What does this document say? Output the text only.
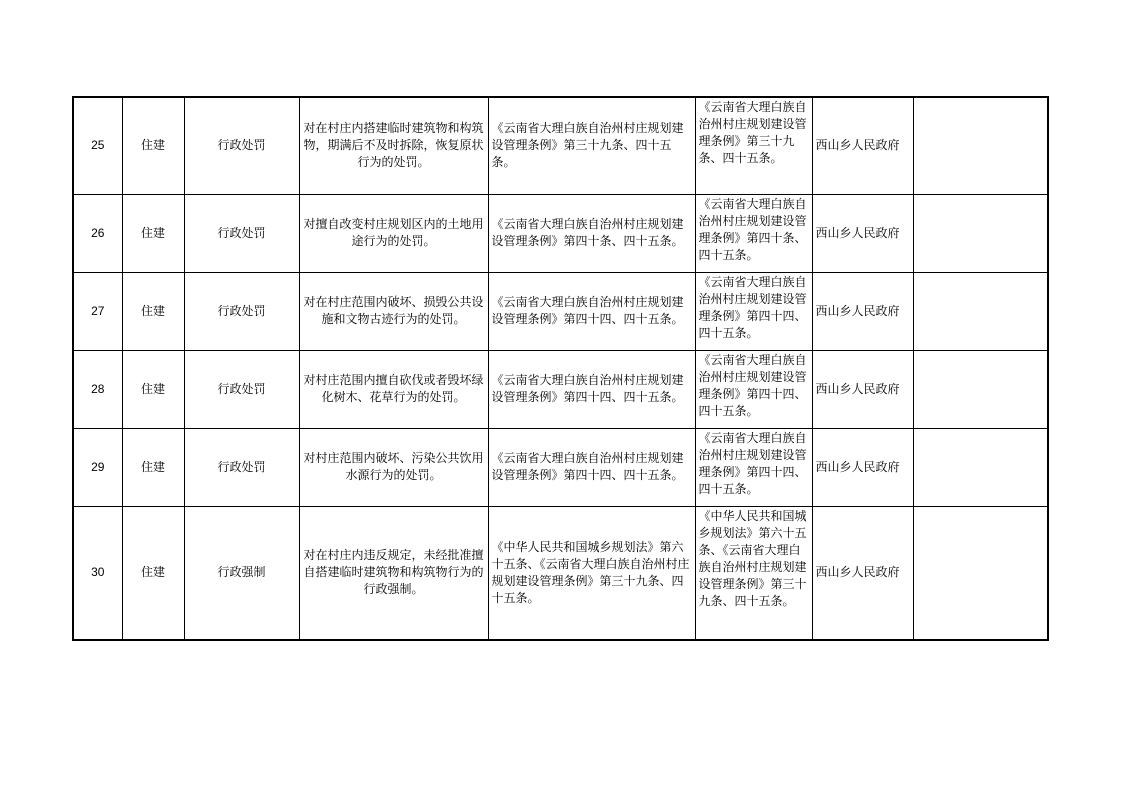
25	住建	行政处罚	对在村庄内搭建临时建筑物和构筑物，期满后不及时拆除，恢复原状行为的处罚。	《云南省大理白族自治州村庄规划建设管理条例》第三十九条、四十五条。	《云南省大理白族自治州村庄规划建设管理条例》第三十九条、四十五条。	西山乡人民政府	
26	住建	行政处罚	对擅自改变村庄规划区内的土地用途行为的处罚。	《云南省大理白族自治州村庄规划建设管理条例》第四十条、四十五条。	《云南省大理白族自治州村庄规划建设管理条例》第四十条、四十五条。	西山乡人民政府	
27	住建	行政处罚	对在村庄范围内破坏、损毁公共设施和文物古迹行为的处罚。	《云南省大理白族自治州村庄规划建设管理条例》第四十四、四十五条。	《云南省大理白族自治州村庄规划建设管理条例》第四十四、四十五条。	西山乡人民政府	
28	住建	行政处罚	对村庄范围内擅自砍伐或者毁坏绿化树木、花草行为的处罚。	《云南省大理白族自治州村庄规划建设管理条例》第四十四、四十五条。	《云南省大理白族自治州村庄规划建设管理条例》第四十四、四十五条。	西山乡人民政府	
29	住建	行政处罚	对村庄范围内破坏、污染公共饮用水源行为的处罚。	《云南省大理白族自治州村庄规划建设管理条例》第四十四、四十五条。	《云南省大理白族自治州村庄规划建设管理条例》第四十四、四十五条。	西山乡人民政府	
30	住建	行政强制	对在村庄内违反规定，未经批准擅自搭建临时建筑物和构筑物行为的行政强制。	《中华人民共和国城乡规划法》第六十五条、《云南省大理白族自治州村庄规划建设管理条例》第三十九条、四十五条。	《中华人民共和国城乡规划法》第六十五条、《云南省大理白族自治州村庄规划建设管理条例》第三十九条、四十五条。	西山乡人民政府	
